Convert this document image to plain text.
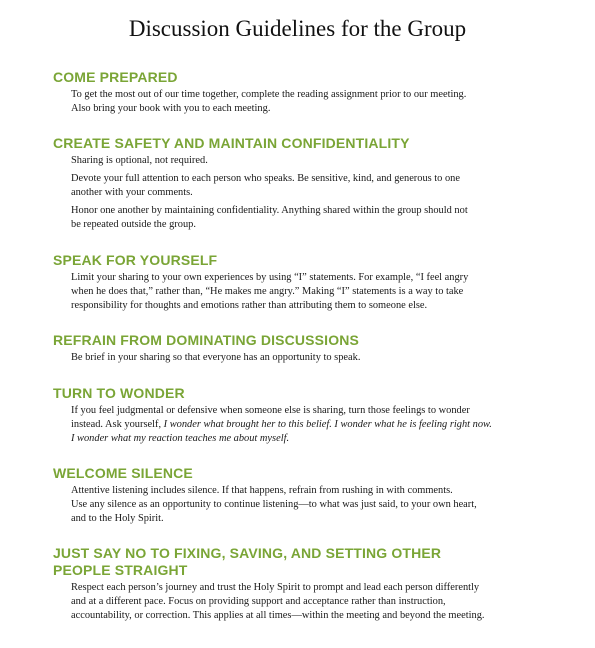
Discussion Guidelines for the Group
COME PREPARED

To get the most out of our time together, complete the reading assignment prior to our meeting.
Also bring your book with you to each meeting.

CREATE SAFETY AND MAINTAIN CONFIDENTIALITY

Sharing is optional, not required.

Devote your full attention to each person who speaks. Be sensitive, kind, and generous to one
another with your comments.

Honor one another by maintaining confidentiality. Anything shared within the group should not
be repeated outside the group.

SPEAK FOR YOURSELF

Limit your sharing to your own experiences by using “I” statements. For example, “I feel angry
when he does that,” rather than, “He makes me angry.” Making “I” statements is a way to take
responsibility for thoughts and emotions rather than attributing them to someone else.

REFRAIN FROM DOMINATING DISCUSSIONS

Be brief in your sharing so that everyone has an opportunity to speak.

TURN TO WONDER

If you feel judgmental or defensive when someone else is sharing, turn those feelings to wonder
instead. Ask yourself, I wonder what brought her to this belief. I wonder what he is feeling right now.
I wonder what my reaction teaches me about myself.

WELCOME SILENCE

Attentive listening includes silence. If that happens, refrain from rushing in with comments.
Use any silence as an opportunity to continue listening—to what was just said, to your own heart,
and to the Holy Spirit.

JUST SAY NO TO FIXING, SAVING, AND SETTING OTHER
PEOPLE STRAIGHT

Respect each person’s journey and trust the Holy Spirit to prompt and lead each person differently
and at a different pace. Focus on providing support and acceptance rather than instruction,
accountability, or correction. This applies at all times—within the meeting and beyond the meeting.
